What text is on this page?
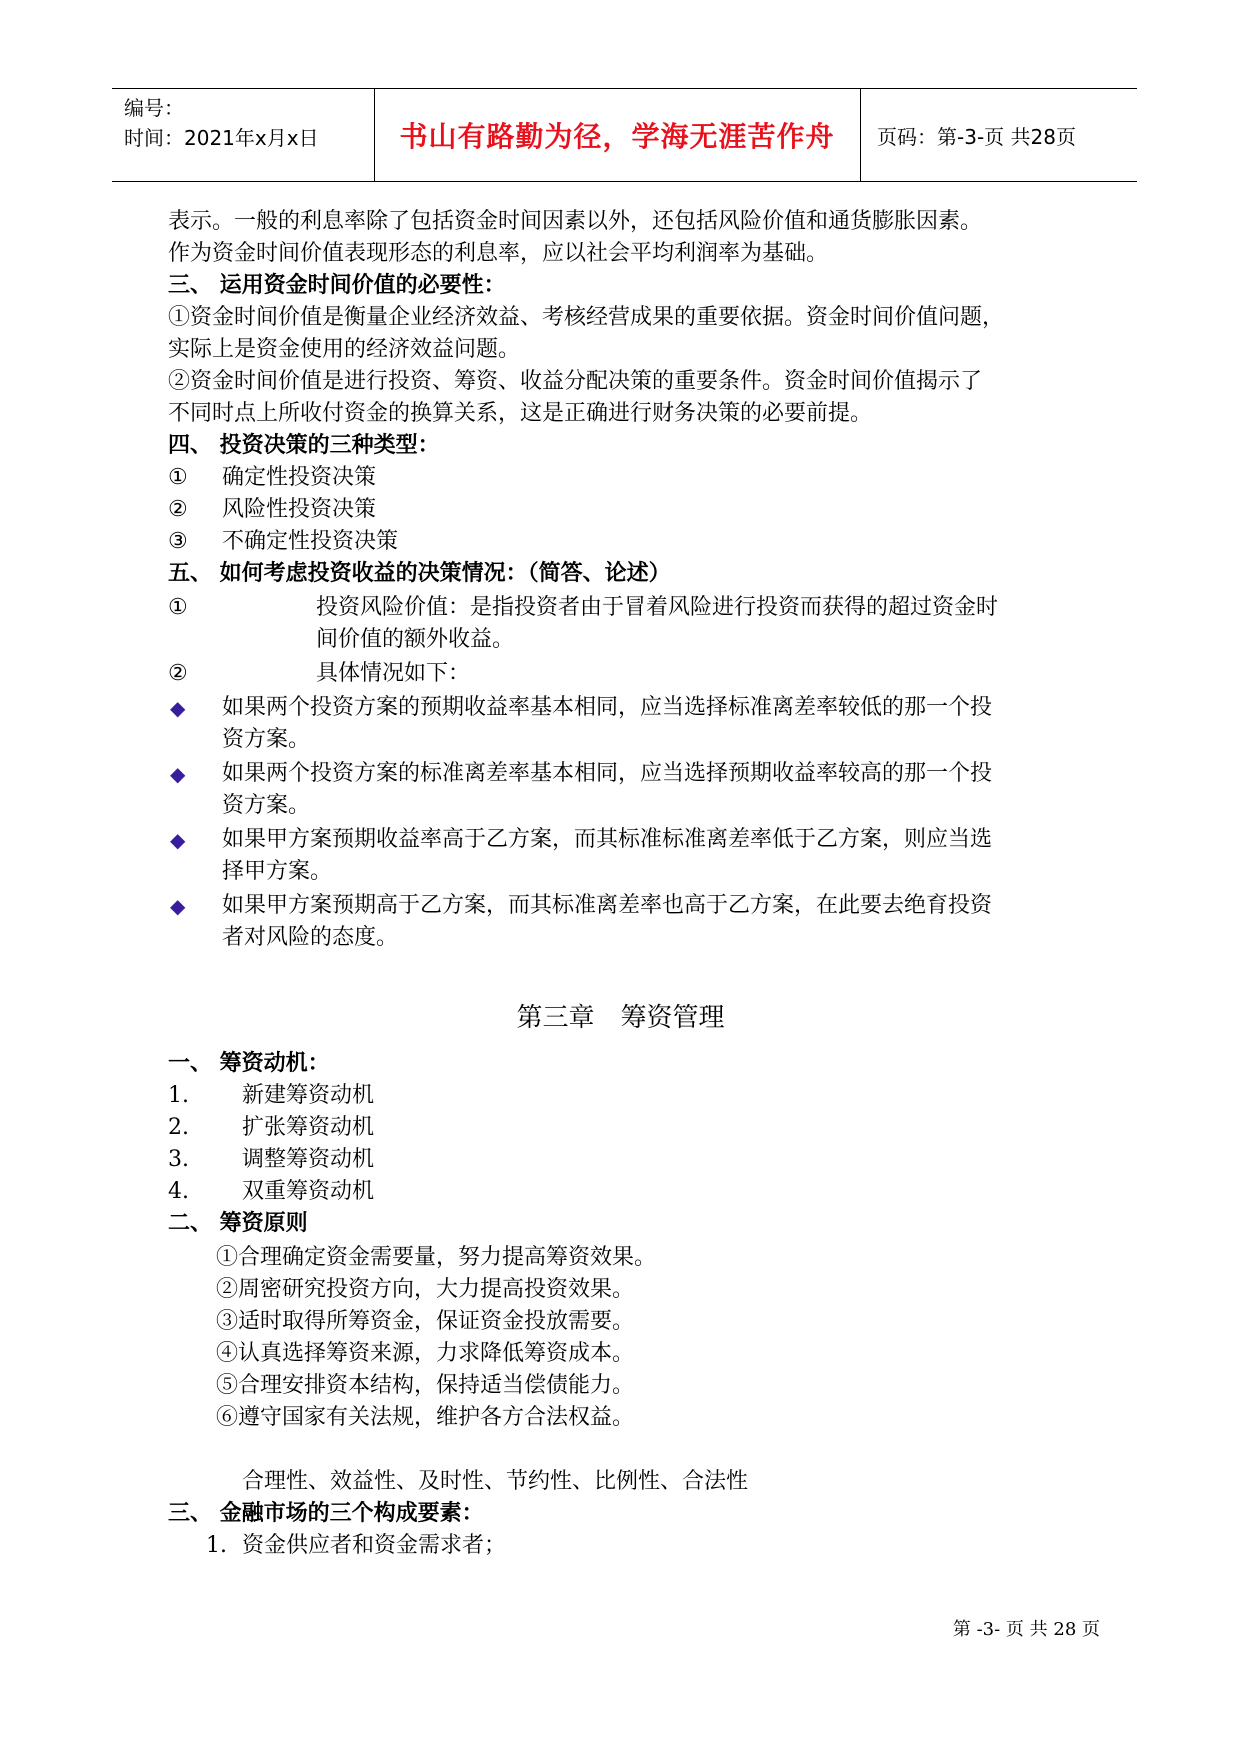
编号：
时间：2021年x月x日	书山有路勤为径，学海无涯苦作舟	页码：第-3-页 共28页
表示。一般的利息率除了包括资金时间因素以外，还包括风险价值和通货膨胀因素。
作为资金时间价值表现形态的利息率，应以社会平均利润率为基础。
三、 运用资金时间价值的必要性：
①资金时间价值是衡量企业经济效益、考核经营成果的重要依据。资金时间价值问题，
实际上是资金使用的经济效益问题。
②资金时间价值是进行投资、筹资、收益分配决策的重要条件。资金时间价值揭示了
不同时点上所收付资金的换算关系，这是正确进行财务决策的必要前提。
四、 投资决策的三种类型：
① 确定性投资决策
② 风险性投资决策
③ 不确定性投资决策
五、 如何考虑投资收益的决策情况：（简答、论述）
①	投资风险价值：是指投资者由于冒着风险进行投资而获得的超过资金时
间价值的额外收益。
②	具体情况如下：
◆ 如果两个投资方案的预期收益率基本相同，应当选择标准离差率较低的那一个投
资方案。
◆ 如果两个投资方案的标准离差率基本相同，应当选择预期收益率较高的那一个投
资方案。
◆ 如果甲方案预期收益率高于乙方案，而其标准标准离差率低于乙方案，则应当选
择甲方案。
◆ 如果甲方案预期高于乙方案，而其标准离差率也高于乙方案，在此要去绝育投资
者对风险的态度。
第三章　筹资管理
一、 筹资动机：
1. 新建筹资动机
2. 扩张筹资动机
3. 调整筹资动机
4. 双重筹资动机
二、 筹资原则
①合理确定资金需要量，努力提高筹资效果。
②周密研究投资方向，大力提高投资效果。
③适时取得所筹资金，保证资金投放需要。
④认真选择筹资来源，力求降低筹资成本。
⑤合理安排资本结构，保持适当偿债能力。
⑥遵守国家有关法规，维护各方合法权益。
合理性、效益性、及时性、节约性、比例性、合法性
三、 金融市场的三个构成要素：
1. 资金供应者和资金需求者；
第 -3- 页 共 28 页
